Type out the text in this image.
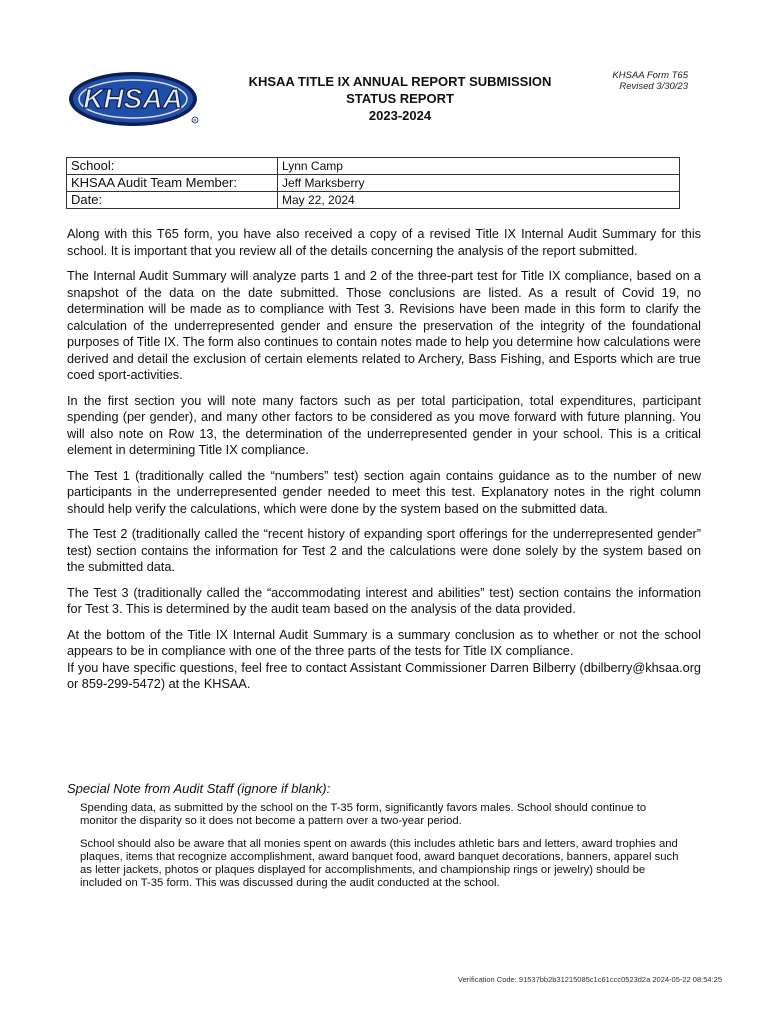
KHSAA
R
KHSAA TITLE IX ANNUAL REPORT SUBMISSION
STATUS REPORT
2023-2024
KHSAA Form T65
Revised 3/30/23
School:	Lynn Camp
KHSAA Audit Team Member:	Jeff Marksberry
Date:	May 22, 2024

Along with this T65 form, you have also received a copy of a revised Title IX Internal Audit Summary for this school. It is important that you review all of the details concerning the analysis of the report submitted.

The Internal Audit Summary will analyze parts 1 and 2 of the three-part test for Title IX compliance, based on a snapshot of the data on the date submitted. Those conclusions are listed. As a result of Covid 19, no determination will be made as to compliance with Test 3. Revisions have been made in this form to clarify the calculation of the underrepresented gender and ensure the preservation of the integrity of the foundational purposes of Title IX. The form also continues to contain notes made to help you determine how calculations were derived and detail the exclusion of certain elements related to Archery, Bass Fishing, and Esports which are true coed sport-activities.

In the first section you will note many factors such as per total participation, total expenditures, participant spending (per gender), and many other factors to be considered as you move forward with future planning. You will also note on Row 13, the determination of the underrepresented gender in your school. This is a critical element in determining Title IX compliance.

The Test 1 (traditionally called the “numbers” test) section again contains guidance as to the number of new participants in the underrepresented gender needed to meet this test. Explanatory notes in the right column should help verify the calculations, which were done by the system based on the submitted data.

The Test 2 (traditionally called the “recent history of expanding sport offerings for the underrepresented gender” test) section contains the information for Test 2 and the calculations were done solely by the system based on the submitted data.

The Test 3 (traditionally called the “accommodating interest and abilities” test) section contains the information for Test 3. This is determined by the audit team based on the analysis of the data provided.

At the bottom of the Title IX Internal Audit Summary is a summary conclusion as to whether or not the school appears to be in compliance with one of the three parts of the tests for Title IX compliance.

If you have specific questions, feel free to contact Assistant Commissioner Darren Bilberry (dbilberry@khsaa.org or 859-299-5472) at the KHSAA.

Special Note from Audit Staff (ignore if blank):

Spending data, as submitted by the school on the T-35 form, significantly favors males. School should continue to monitor the disparity so it does not become a pattern over a two-year period.

School should also be aware that all monies spent on awards (this includes athletic bars and letters, award trophies and plaques, items that recognize accomplishment, award banquet food, award banquet decorations, banners, apparel such as letter jackets, photos or plaques displayed for accomplishments, and championship rings or jewelry) should be included on T-35 form. This was discussed during the audit conducted at the school.

Verification Code: 91537bb2b31215085c1c61ccc0523d2a 2024-05-22 08:54:25
